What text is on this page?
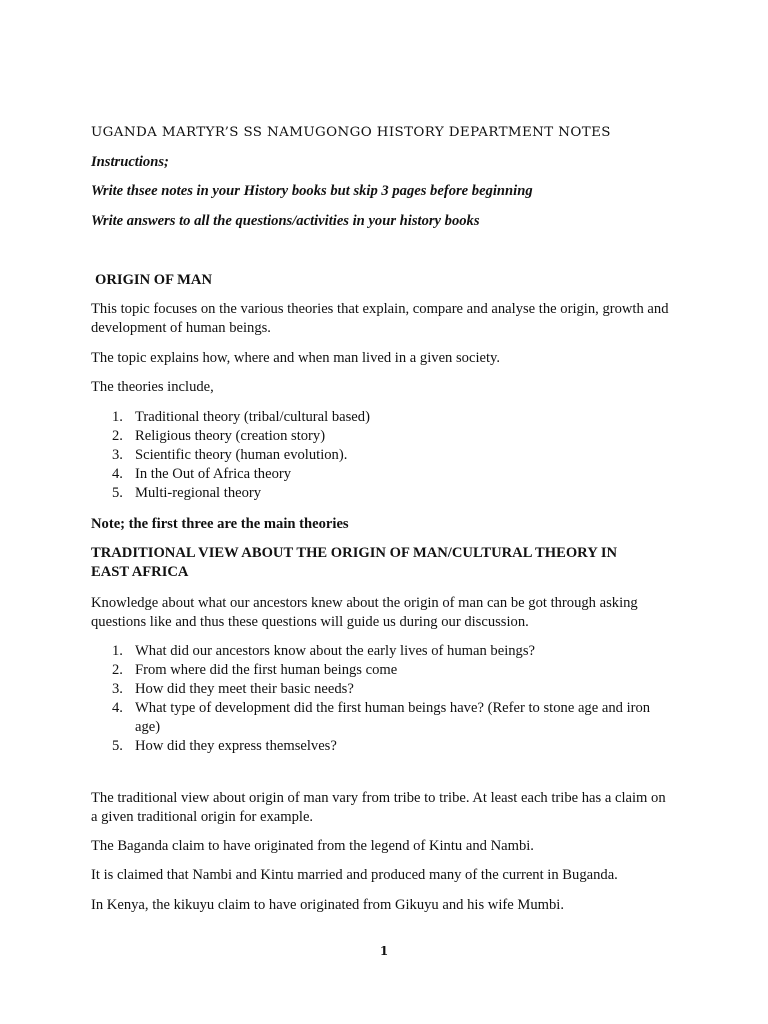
UGANDA MARTYR’S SS NAMUGONGO HISTORY DEPARTMENT NOTES

Instructions;

Write thsee notes in your History books but skip 3 pages before beginning

Write answers to all the questions/activities in your history books

ORIGIN OF MAN

This topic focuses on the various theories that explain, compare and analyse the origin, growth and development of human beings.

The topic explains how, where and when man lived in a given society.

The theories include,

1. Traditional theory (tribal/cultural based)
2. Religious theory (creation story)
3. Scientific theory (human evolution).
4. In the Out of Africa theory
5. Multi-regional theory

Note; the first three are the main theories

TRADITIONAL VIEW ABOUT THE ORIGIN OF MAN/CULTURAL THEORY IN EAST AFRICA

Knowledge about what our ancestors knew about the origin of man can be got through asking questions like and thus these questions will guide us during our discussion.

1. What did our ancestors know about the early lives of human beings?
2. From where did the first human beings come
3. How did they meet their basic needs?
4. What type of development did the first human beings have? (Refer to stone age and iron age)
5. How did they express themselves?

The traditional view about origin of man vary from tribe to tribe. At least each tribe has a claim on a given traditional origin for example.

The Baganda claim to have originated from the legend of Kintu and Nambi.

It is claimed that Nambi and Kintu married and produced many of the current in Buganda.

In Kenya, the kikuyu claim to have originated from Gikuyu and his wife Mumbi.

1
